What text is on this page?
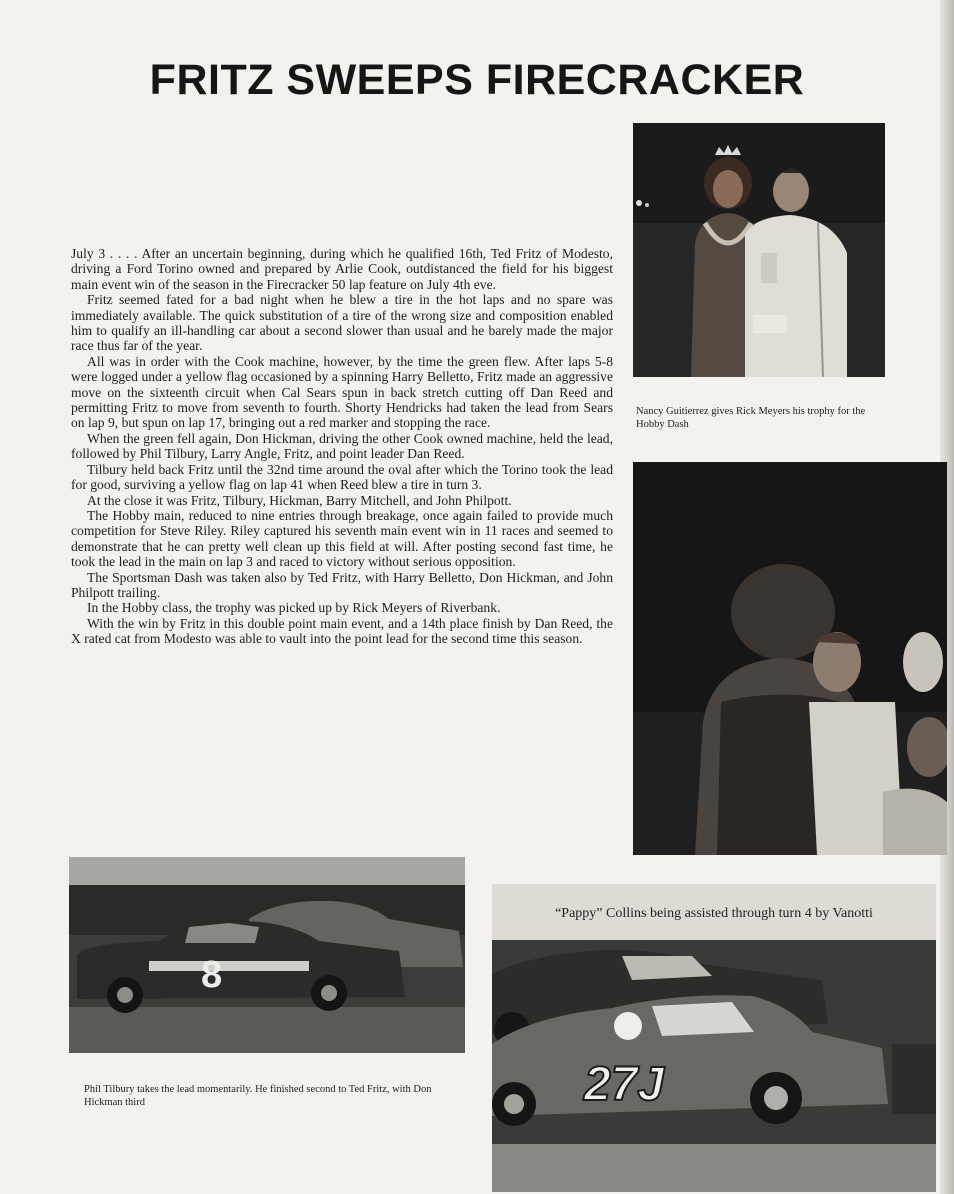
FRITZ SWEEPS FIRECRACKER

July 3 . . . . After an uncertain beginning, during which he qualified 16th, Ted Fritz of Modesto, driving a Ford Torino owned and prepared by Arlie Cook, outdistanced the field for his biggest main event win of the season in the Firecracker 50 lap feature on July 4th eve.

Fritz seemed fated for a bad night when he blew a tire in the hot laps and no spare was immediately available. The quick substitution of a tire of the wrong size and composition enabled him to qualify an ill-handling car about a second slower than usual and he barely made the major race thus far of the year.

All was in order with the Cook machine, however, by the time the green flew. After laps 5-8 were logged under a yellow flag occasioned by a spinning Harry Belletto, Fritz made an aggressive move on the sixteenth circuit when Cal Sears spun in back stretch cutting off Dan Reed and permitting Fritz to move from seventh to fourth. Shorty Hendricks had taken the lead from Sears on lap 9, but spun on lap 17, bringing out a red marker and stopping the race.

When the green fell again, Don Hickman, driving the other Cook owned machine, held the lead, followed by Phil Tilbury, Larry Angle, Fritz, and point leader Dan Reed.

Tilbury held back Fritz until the 32nd time around the oval after which the Torino took the lead for good, surviving a yellow flag on lap 41 when Reed blew a tire in turn 3.

At the close it was Fritz, Tilbury, Hickman, Barry Mitchell, and John Philpott.

The Hobby main, reduced to nine entries through breakage, once again failed to provide much competition for Steve Riley. Riley captured his seventh main event win in 11 races and seemed to demonstrate that he can pretty well clean up this field at will. After posting second fast time, he took the lead in the main on lap 3 and raced to victory without serious opposition.

The Sportsman Dash was taken also by Ted Fritz, with Harry Belletto, Don Hickman, and John Philpott trailing.

In the Hobby class, the trophy was picked up by Rick Meyers of Riverbank.

With the win by Fritz in this double point main event, and a 14th place finish by Dan Reed, the X rated cat from Modesto was able to vault into the point lead for the second time this season.

Nancy Guitierrez gives Rick Meyers his trophy for the Hobby Dash
8
Phil Tilbury takes the lead momentarily. He finished second to Ted Fritz, with Don Hickman third	27J
“Pappy” Collins being assisted through turn 4 by Vanotti
